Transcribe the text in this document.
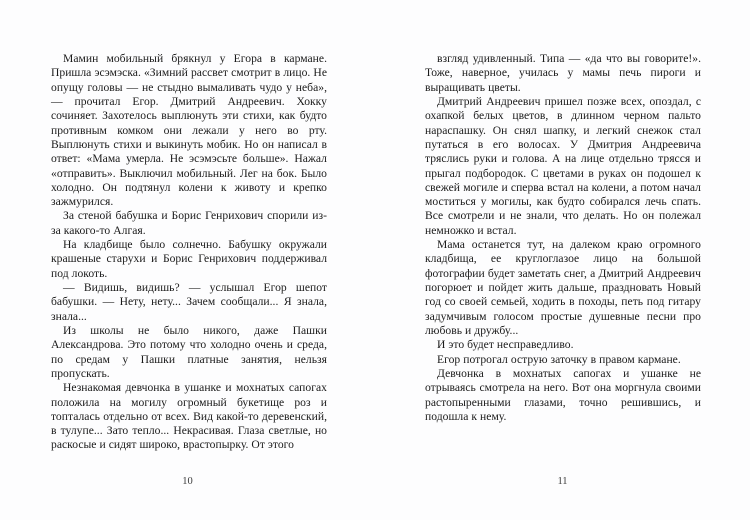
Мамин мобильный брякнул у Егора в кармане. Пришла эсэмэска. «Зимний рассвет смотрит в лицо. Не опущу головы — не стыдно вымаливать чудо у неба», — прочитал Егор. Дмитрий Андреевич. Хокку сочиняет. Захотелось выплюнуть эти стихи, как будто противным комком они лежали у него во рту. Выплюнуть стихи и выкинуть мобик. Но он написал в ответ: «Мама умерла. Не эсэмэсьте больше». Нажал «отправить». Выключил мобильный. Лег на бок. Было холодно. Он подтянул колени к животу и крепко зажмурился.

За стеной бабушка и Борис Генрихович спорили из-за какого-то Алгая.

На кладбище было солнечно. Бабушку окружали крашеные старухи и Борис Генрихович поддерживал под локоть.

— Видишь, видишь? — услышал Егор шепот бабушки. — Нету, нету... Зачем сообщали... Я знала, знала...

Из школы не было никого, даже Пашки Александрова. Это потому что холодно очень и среда, по средам у Пашки платные занятия, нельзя пропускать.

Незнакомая девчонка в ушанке и мохнатых сапогах положила на могилу огромный букетище роз и топталась отдельно от всех. Вид какой-то деревенский, в тулупе... Зато тепло... Некрасивая. Глаза светлые, но раскосые и сидят широко, врастопырку. От этого

10

взгляд удивленный. Типа — «да что вы говорите!». Тоже, наверное, училась у мамы печь пироги и выращивать цветы.

Дмитрий Андреевич пришел позже всех, опоздал, с охапкой белых цветов, в длинном черном пальто нараспашку. Он снял шапку, и легкий снежок стал путаться в его волосах. У Дмитрия Андреевича тряслись руки и голова. А на лице отдельно трясся и прыгал подбородок. С цветами в руках он подошел к свежей могиле и сперва встал на колени, а потом начал моститься у могилы, как будто собирался лечь спать. Все смотрели и не знали, что делать. Но он полежал немножко и встал.

Мама останется тут, на далеком краю огромного кладбища, ее круглоглазое лицо на большой фотографии будет заметать снег, а Дмитрий Андреевич погорюет и пойдет жить дальше, праздновать Новый год со своей семьей, ходить в походы, петь под гитару задумчивым голосом простые душевные песни про любовь и дружбу...

И это будет несправедливо.

Егор потрогал острую заточку в правом кармане.

Девчонка в мохнатых сапогах и ушанке не отрываясь смотрела на него. Вот она моргнула своими растопыренными глазами, точно решившись, и подошла к нему.

11
